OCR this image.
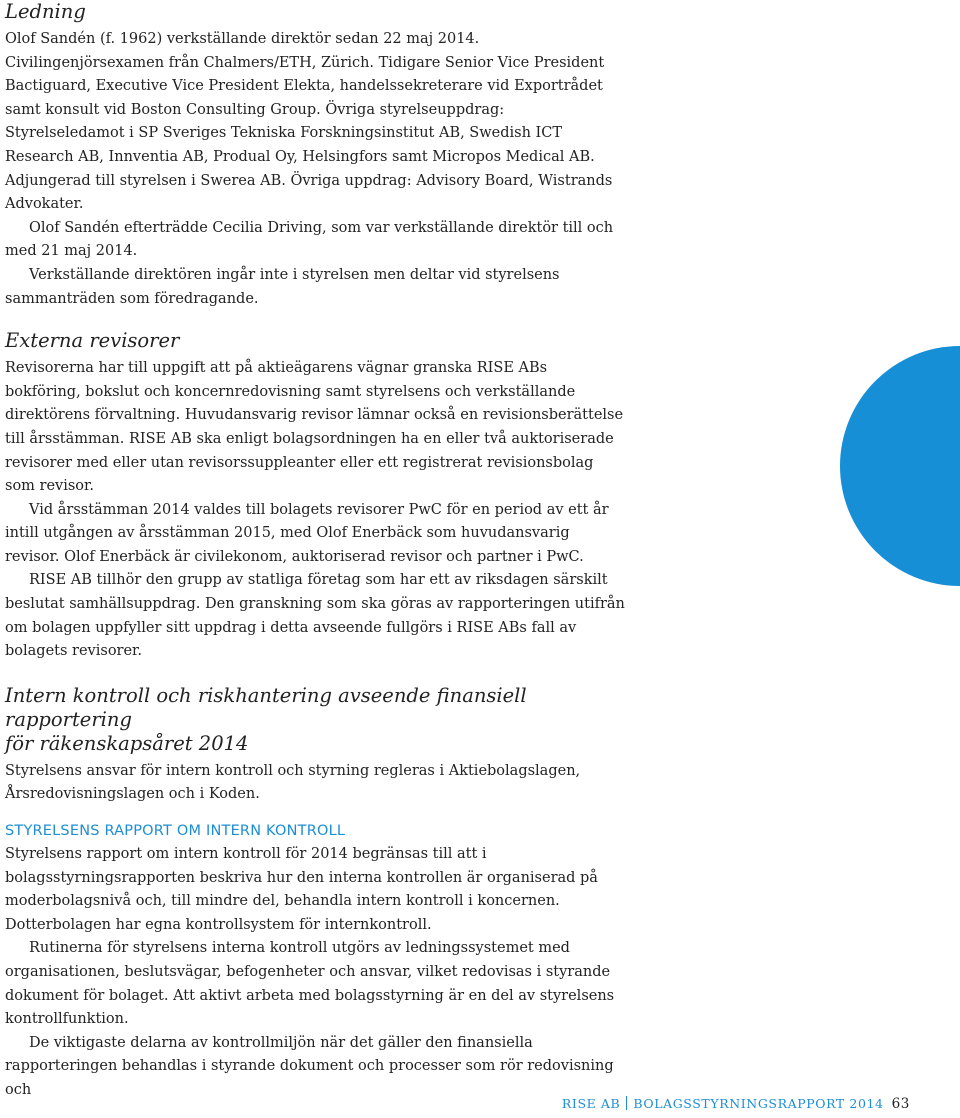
Ledning

Olof Sandén (f. 1962) verkställande direktör sedan 22 maj 2014. Civilingenjörsexamen från Chalmers/ETH, Zürich. Tidigare Senior Vice President Bactiguard, Executive Vice President Elekta, handelssekreterare vid Exportrådet samt konsult vid Boston Consulting Group. Övriga styrelseuppdrag: Styrelseledamot i SP Sveriges Tekniska Forskningsinstitut AB, Swedish ICT Research AB, Innventia AB, Produal Oy, Helsingfors samt Micropos Medical AB. Adjungerad till styrelsen i Swerea AB. Övriga uppdrag: Advisory Board, Wistrands Advokater.

Olof Sandén efterträdde Cecilia Driving, som var verkställande direktör till och med 21 maj 2014.

Verkställande direktören ingår inte i styrelsen men deltar vid styrelsens sammanträden som föredragande.

Externa revisorer

Revisorerna har till uppgift att på aktieägarens vägnar granska RISE ABs bokföring, bokslut och koncernredovisning samt styrelsens och verkställande direktörens förvaltning. Huvudansvarig revisor lämnar också en revisionsberättelse till årsstämman. RISE AB ska enligt bolagsordningen ha en eller två auktoriserade revisorer med eller utan revisorssuppleanter eller ett registrerat revisionsbolag som revisor.

Vid årsstämman 2014 valdes till bolagets revisorer PwC för en period av ett år intill utgången av årsstämman 2015, med Olof Enerbäck som huvudansvarig revisor. Olof Enerbäck är civilekonom, auktoriserad revisor och partner i PwC.

RISE AB tillhör den grupp av statliga företag som har ett av riksdagen särskilt beslutat samhällsuppdrag. Den granskning som ska göras av rapporteringen utifrån om bolagen uppfyller sitt uppdrag i detta avseende fullgörs i RISE ABs fall av bolagets revisorer.

Intern kontroll och riskhantering avseende finansiell rapportering
för räkenskapsåret 2014

Styrelsens ansvar för intern kontroll och styrning regleras i Aktiebolagslagen, Årsredovisningslagen och i Koden.

STYRELSENS RAPPORT OM INTERN KONTROLL

Styrelsens rapport om intern kontroll för 2014 begränsas till att i bolagsstyrningsrapporten beskriva hur den interna kontrollen är organiserad på moderbolagsnivå och, till mindre del, behandla intern kontroll i koncernen. Dotterbolagen har egna kontrollsystem för internkontroll.

Rutinerna för styrelsens interna kontroll utgörs av ledningssystemet med organisationen, beslutsvägar, befogenheter och ansvar, vilket redovisas i styrande dokument för bolaget. Att aktivt arbeta med bolagsstyrning är en del av styrelsens kontrollfunktion.

De viktigaste delarna av kontrollmiljön när det gäller den finansiella rapporteringen behandlas i styrande dokument och processer som rör redovisning och

RISE AB BOLAGSSTYRNINGSRAPPORT 2014 63
